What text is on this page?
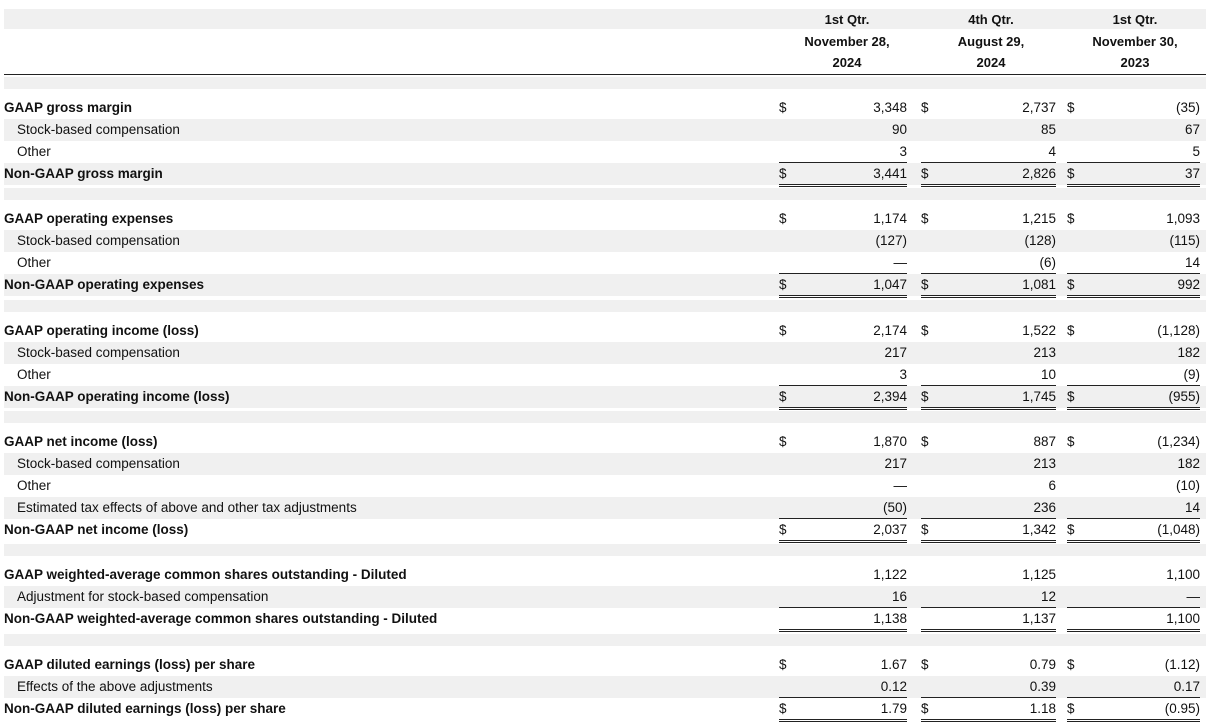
1st Qtr.
November 28,
2024
4th Qtr.
August 29,
2024
1st Qtr.
November 30,
2023
GAAP gross margin	$	3,348 $	2,737 $	(35)
Stock-based compensation	90	85	67
Other	3	4	5
Non-GAAP gross margin	$	3,441 $	2,826 $	37
GAAP operating expenses	$	1,174 $	1,215 $	1,093
Stock-based compensation	(127)	(128)	(115)
Other	—	(6)	14
Non-GAAP operating expenses	$	1,047 $	1,081 $	992
GAAP operating income (loss)	$	2,174 $	1,522 $	(1,128)
Stock-based compensation	217	213	182
Other	3	10	(9)
Non-GAAP operating income (loss)	$	2,394 $	1,745 $	(955)
GAAP net income (loss)	$	1,870 $	887 $	(1,234)
Stock-based compensation	217	213	182
Other	—	6	(10)
Estimated tax effects of above and other tax adjustments	(50)	236	14
Non-GAAP net income (loss)	$	2,037 $	1,342 $	(1,048)
GAAP weighted-average common shares outstanding - Diluted	1,122	1,125	1,100
Adjustment for stock-based compensation	16	12	—
Non-GAAP weighted-average common shares outstanding - Diluted	1,138	1,137	1,100
GAAP diluted earnings (loss) per share	$	1.67 $	0.79 $	(1.12)
Effects of the above adjustments	0.12	0.39	0.17
Non-GAAP diluted earnings (loss) per share	$	1.79 $	1.18 $	(0.95)
